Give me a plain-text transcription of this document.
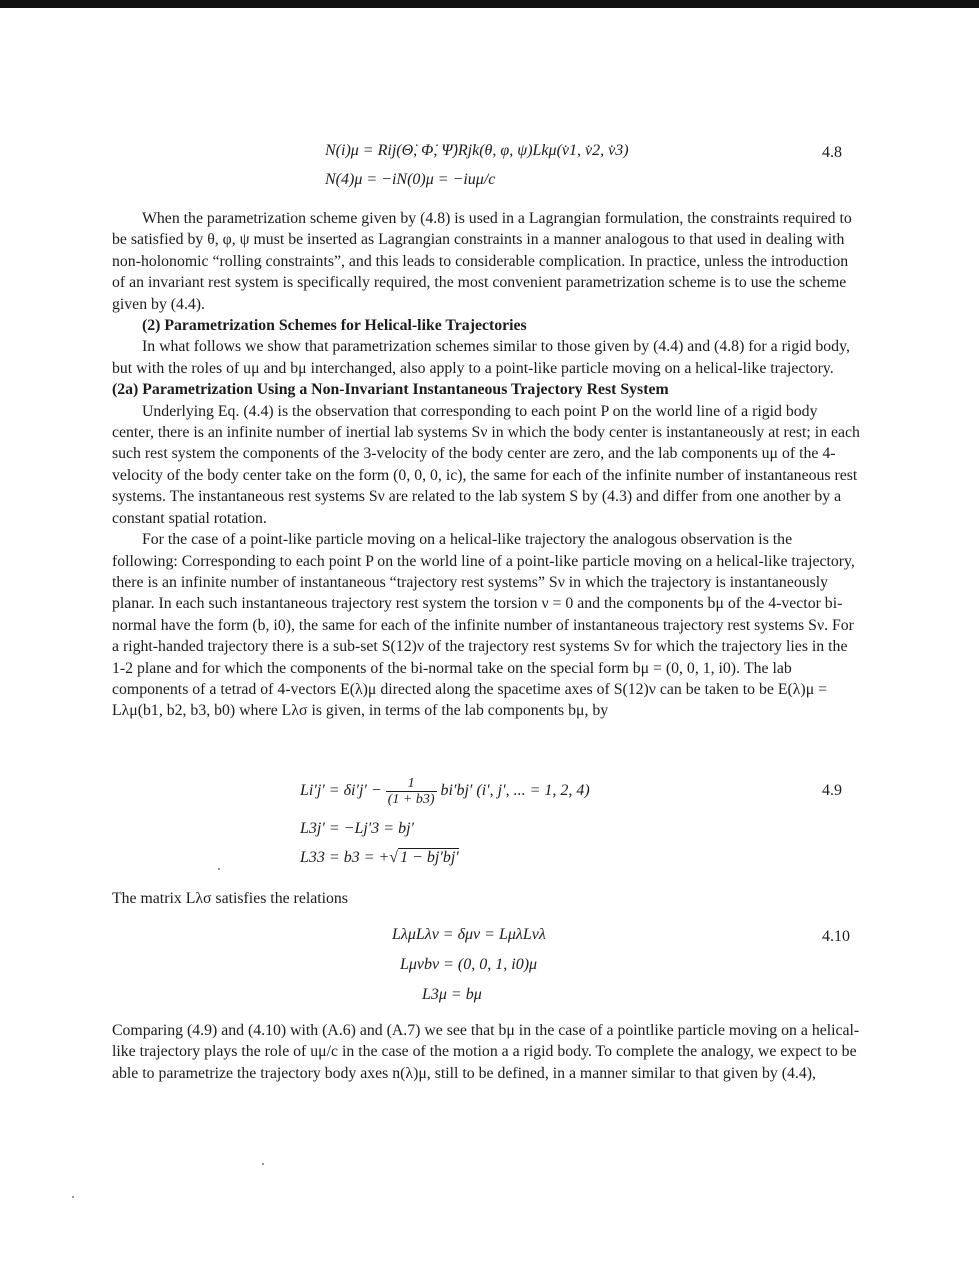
N(i)μ = Rij(Θ̇, Φ̇, Ψ̇)Rjk(θ, φ, ψ)Lkμ(v̇1, v̇2, v̇3)	4.8
N(4)μ = −iN(0)μ = −iuμ/c

When the parametrization scheme given by (4.8) is used in a Lagrangian formulation, the constraints required to be satisfied by θ, φ, ψ must be inserted as Lagrangian constraints in a manner analogous to that used in dealing with non-holonomic “rolling constraints”, and this leads to considerable complication. In practice, unless the introduction of an invariant rest system is specifically required, the most convenient parametrization scheme is to use the scheme given by (4.4).

(2) Parametrization Schemes for Helical-like Trajectories

In what follows we show that parametrization schemes similar to those given by (4.4) and (4.8) for a rigid body, but with the roles of uμ and bμ interchanged, also apply to a point-like particle moving on a helical-like trajectory.

(2a) Parametrization Using a Non-Invariant Instantaneous Trajectory Rest System

Underlying Eq. (4.4) is the observation that corresponding to each point P on the world line of a rigid body center, there is an infinite number of inertial lab systems Sν in which the body center is instantaneously at rest; in each such rest system the components of the 3-velocity of the body center are zero, and the lab components uμ of the 4-velocity of the body center take on the form (0, 0, 0, ic), the same for each of the infinite number of instantaneous rest systems. The instantaneous rest systems Sν are related to the lab system S by (4.3) and differ from one another by a constant spatial rotation.

For the case of a point-like particle moving on a helical-like trajectory the analogous observation is the following: Corresponding to each point P on the world line of a point-like particle moving on a helical-like trajectory, there is an infinite number of instantaneous “trajectory rest systems” Sν in which the trajectory is instantaneously planar. In each such instantaneous trajectory rest system the torsion ν = 0 and the components bμ of the 4-vector bi-normal have the form (b, i0), the same for each of the infinite number of instantaneous trajectory rest systems Sν. For a right-handed trajectory there is a sub-set S(12)ν of the trajectory rest systems Sν for which the trajectory lies in the 1-2 plane and for which the components of the bi-normal take on the special form bμ = (0, 0, 1, i0). The lab components of a tetrad of 4-vectors E(λ)μ directed along the spacetime axes of S(12)ν can be taken to be E(λ)μ = Lλμ(b1, b2, b3, b0) where Lλσ is given, in terms of the lab components bμ, by

$Li'j' = \delta i'j' - \frac{1}{(1 + b3)} bi'bj'$ (i′, j′, ... = 1, 2, 4)	4.9
L3j′ = −Lj′3 = bj′
L33 = b3 = +√ 1 − bj′bj′

The matrix Lλσ satisfies the relations

LλμLλν = δμν = LμλLνλ	4.10
Lμνbν = (0, 0, 1, i0)μ
L3μ = bμ

Comparing (4.9) and (4.10) with (A.6) and (A.7) we see that bμ in the case of a pointlike particle moving on a helical-like trajectory plays the role of uμ/c in the case of the motion a a rigid body. To complete the analogy, we expect to be able to parametrize the trajectory body axes n(λ)μ, still to be defined, in a manner similar to that given by (4.4),
